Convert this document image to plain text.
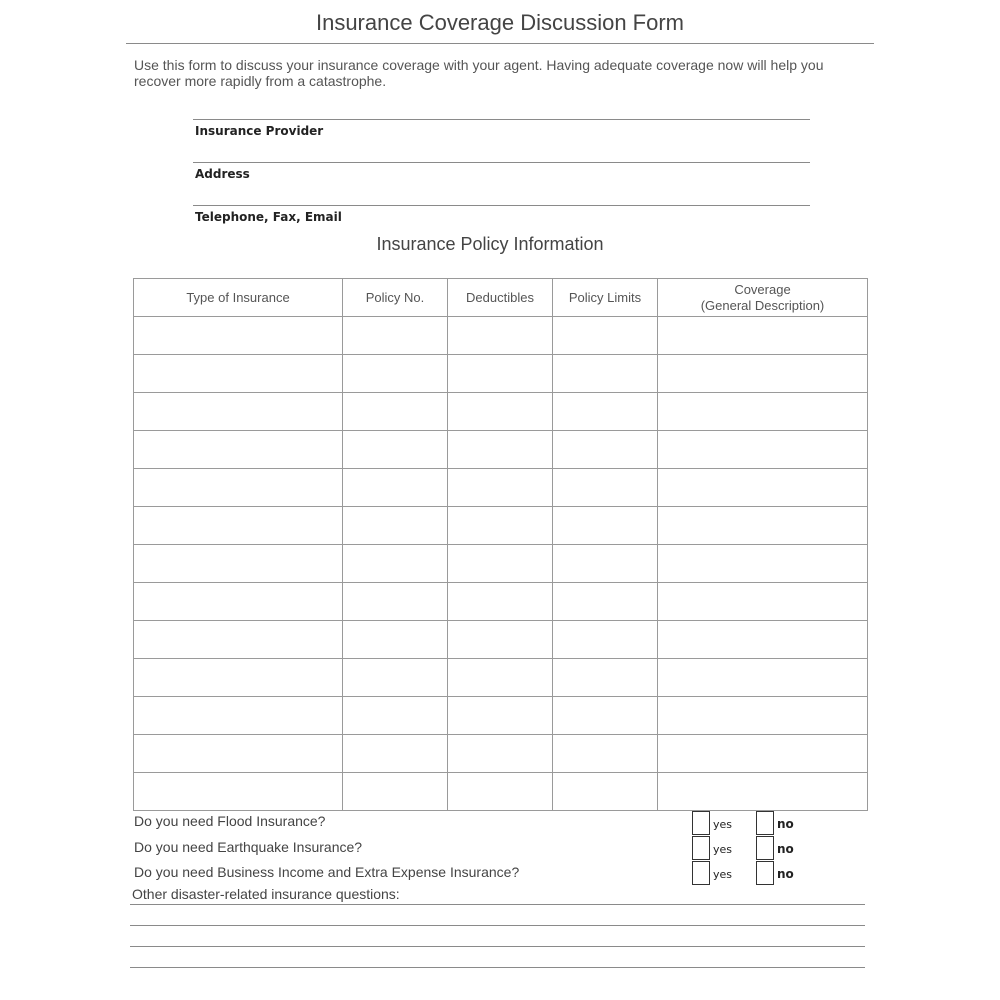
Insurance Coverage Discussion Form
Use this form to discuss your insurance coverage with your agent. Having adequate coverage now will help you recover more rapidly from a catastrophe.
Insurance Provider
Address
Telephone, Fax, Email
Insurance Policy Information
Type of Insurance	Policy No.	Deductibles	Policy Limits	Coverage
(General Description)

Do you need Flood Insurance?	yes	no
Do you need Earthquake Insurance?	yes	no
Do you need Business Income and Extra Expense Insurance?	yes	no
Other disaster-related insurance questions:
